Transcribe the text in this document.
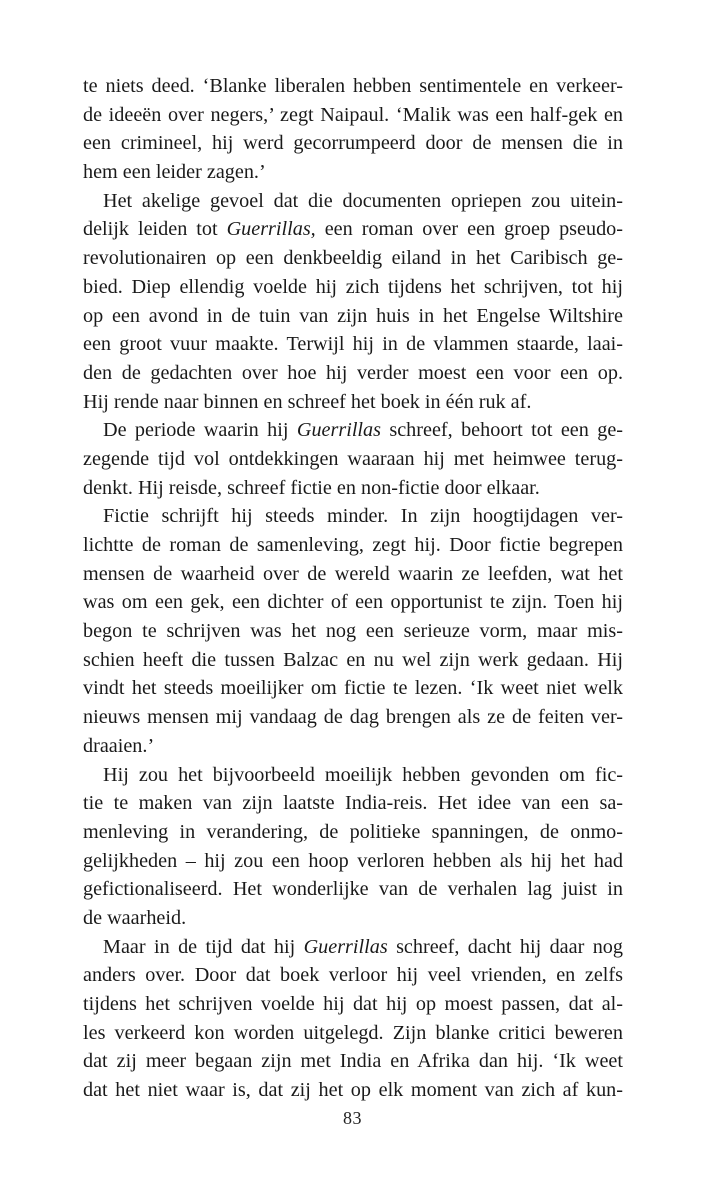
te niets deed. ‘Blanke liberalen hebben sentimentele en verkeer-
de ideeën over negers,’ zegt Naipaul. ‘Malik was een half-gek en
een crimineel, hij werd gecorrumpeerd door de mensen die in
hem een leider zagen.’
Het akelige gevoel dat die documenten opriepen zou uitein-
delijk leiden tot Guerrillas, een roman over een groep pseudo-
revolutionairen op een denkbeeldig eiland in het Caribisch ge-
bied. Diep ellendig voelde hij zich tijdens het schrijven, tot hij
op een avond in de tuin van zijn huis in het Engelse Wiltshire
een groot vuur maakte. Terwijl hij in de vlammen staarde, laai-
den de gedachten over hoe hij verder moest een voor een op.
Hij rende naar binnen en schreef het boek in één ruk af.
De periode waarin hij Guerrillas schreef, behoort tot een ge-
zegende tijd vol ontdekkingen waaraan hij met heimwee terug-
denkt. Hij reisde, schreef fictie en non-fictie door elkaar.
Fictie schrijft hij steeds minder. In zijn hoogtijdagen ver-
lichtte de roman de samenleving, zegt hij. Door fictie begrepen
mensen de waarheid over de wereld waarin ze leefden, wat het
was om een gek, een dichter of een opportunist te zijn. Toen hij
begon te schrijven was het nog een serieuze vorm, maar mis-
schien heeft die tussen Balzac en nu wel zijn werk gedaan. Hij
vindt het steeds moeilijker om fictie te lezen. ‘Ik weet niet welk
nieuws mensen mij vandaag de dag brengen als ze de feiten ver-
draaien.’
Hij zou het bijvoorbeeld moeilijk hebben gevonden om fic-
tie te maken van zijn laatste India-reis. Het idee van een sa-
menleving in verandering, de politieke spanningen, de onmo-
gelijkheden – hij zou een hoop verloren hebben als hij het had
gefictionaliseerd. Het wonderlijke van de verhalen lag juist in
de waarheid.
Maar in de tijd dat hij Guerrillas schreef, dacht hij daar nog
anders over. Door dat boek verloor hij veel vrienden, en zelfs
tijdens het schrijven voelde hij dat hij op moest passen, dat al-
les verkeerd kon worden uitgelegd. Zijn blanke critici beweren
dat zij meer begaan zijn met India en Afrika dan hij. ‘Ik weet
dat het niet waar is, dat zij het op elk moment van zich af kun-
83
